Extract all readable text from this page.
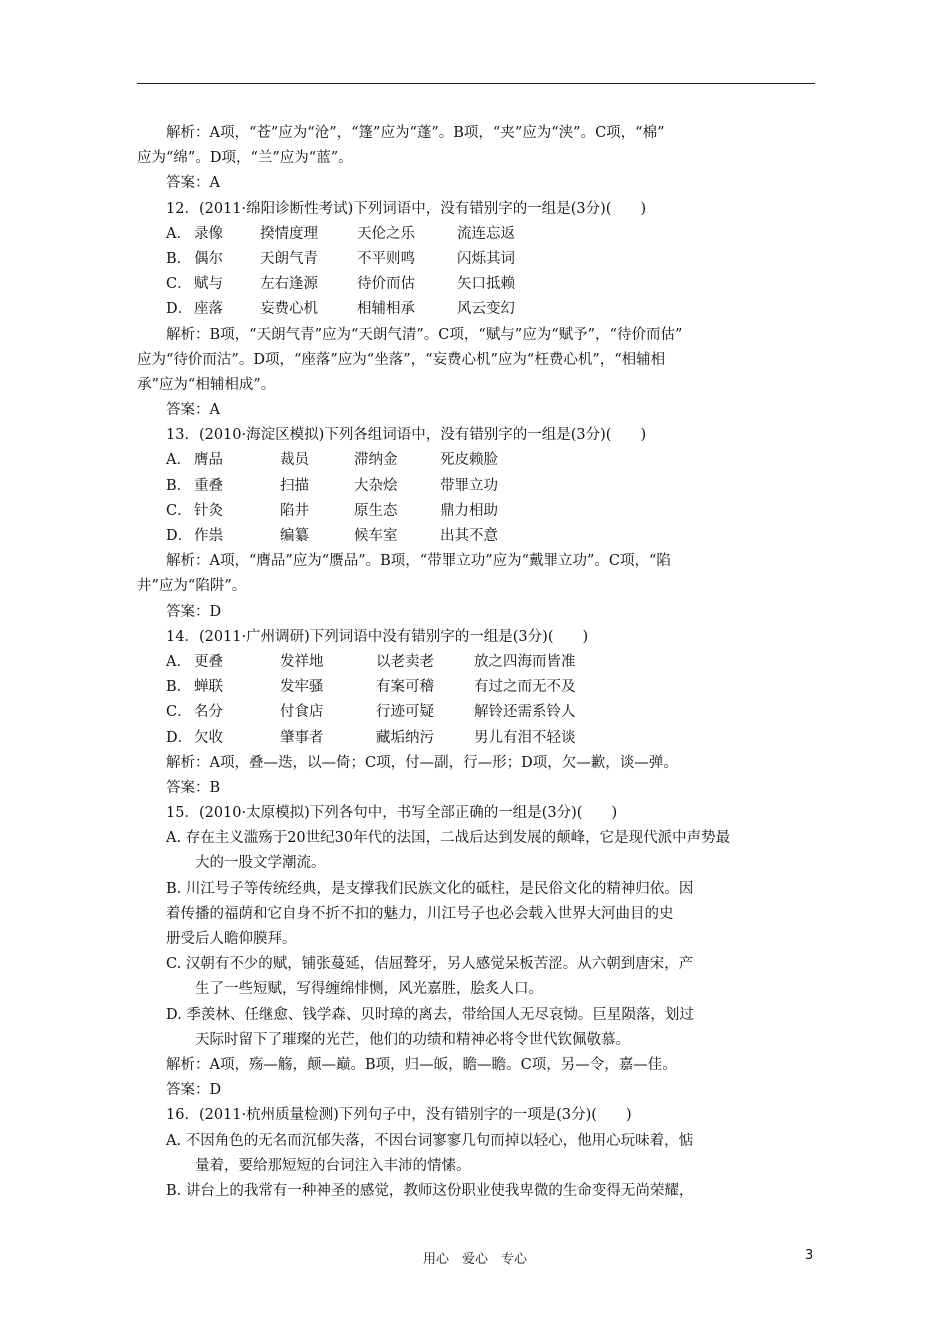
解析：A项，“苍”应为“沧”，“篷”应为“蓬”。B项，“夹”应为“浃”。C项，“棉”
应为“绵”。D项，“兰”应为“蓝”。
答案：A
12．(2011·绵阳诊断性考试)下列词语中，没有错别字的一组是(3分)(　　)
A． 录像	揆情度理	天伦之乐	流连忘返
B． 偶尔	天朗气青	不平则鸣	闪烁其词
C． 赋与	左右逢源	待价而估	矢口抵赖
D． 座落	妄费心机	相辅相承	风云变幻
解析：B项，“天朗气青”应为“天朗气清”。C项，“赋与”应为“赋予”，“待价而估”
应为“待价而沽”。D项，“座落”应为“坐落”，“妄费心机”应为“枉费心机”，“相辅相
承”应为“相辅相成”。
答案：A
13．(2010·海淀区模拟)下列各组词语中，没有错别字的一组是(3分)(　　)
A． 膺品	裁员	滞纳金	死皮赖脸
B． 重叠	扫描	大杂烩	带罪立功
C． 针灸	陷井	原生态	鼎力相助
D． 作祟	编纂	候车室	出其不意
解析：A项，“膺品”应为“赝品”。B项，“带罪立功”应为“戴罪立功”。C项，“陷
井”应为“陷阱”。
答案：D
14．(2011·广州调研)下列词语中没有错别字的一组是(3分)(　　)
A． 更叠	发祥地	以老卖老	放之四海而皆准
B． 蝉联	发牢骚	有案可稽	有过之而无不及
C． 名分	付食店	行迹可疑	解铃还需系铃人
D． 欠收	肇事者	藏垢纳污	男儿有泪不轻谈
解析：A项，叠—迭，以—倚；C项，付—副，行—形；D项，欠—歉，谈—弹。
答案：B
15．(2010·太原模拟)下列各句中，书写全部正确的一组是(3分)(　　)
A. 存在主义滥殇于20世纪30年代的法国，二战后达到发展的颠峰，它是现代派中声势最
大的一股文学潮流。
B. 川江号子等传统经典，是支撑我们民族文化的砥柱，是民俗文化的精神归依。因
　　着传播的福荫和它自身不折不扣的魅力，川江号子也必会载入世界大河曲目的史
　　册受后人瞻仰膜拜。
C. 汉朝有不少的赋，铺张蔓延，佶屈聱牙，另人感觉呆板苦涩。从六朝到唐宋，产
生了一些短赋，写得缠绵悱恻，风光嘉胜，脍炙人口。
D. 季羡林、任继愈、钱学森、贝时璋的离去，带给国人无尽哀恸。巨星陨落，划过
天际时留下了璀璨的光芒，他们的功绩和精神必将令世代钦佩敬慕。
解析：A项，殇—觞，颠—巅。B项，归—皈，瞻—瞻。C项，另—令，嘉—佳。
答案：D
16．(2011·杭州质量检测)下列句子中，没有错别字的一项是(3分)(　　)
A. 不因角色的无名而沉郁失落，不因台词寥寥几句而掉以轻心，他用心玩味着，惦
量着，要给那短短的台词注入丰沛的情愫。
B. 讲台上的我常有一种神圣的感觉，教师这份职业使我卑微的生命变得无尚荣耀，
用心　爱心　专心	3
